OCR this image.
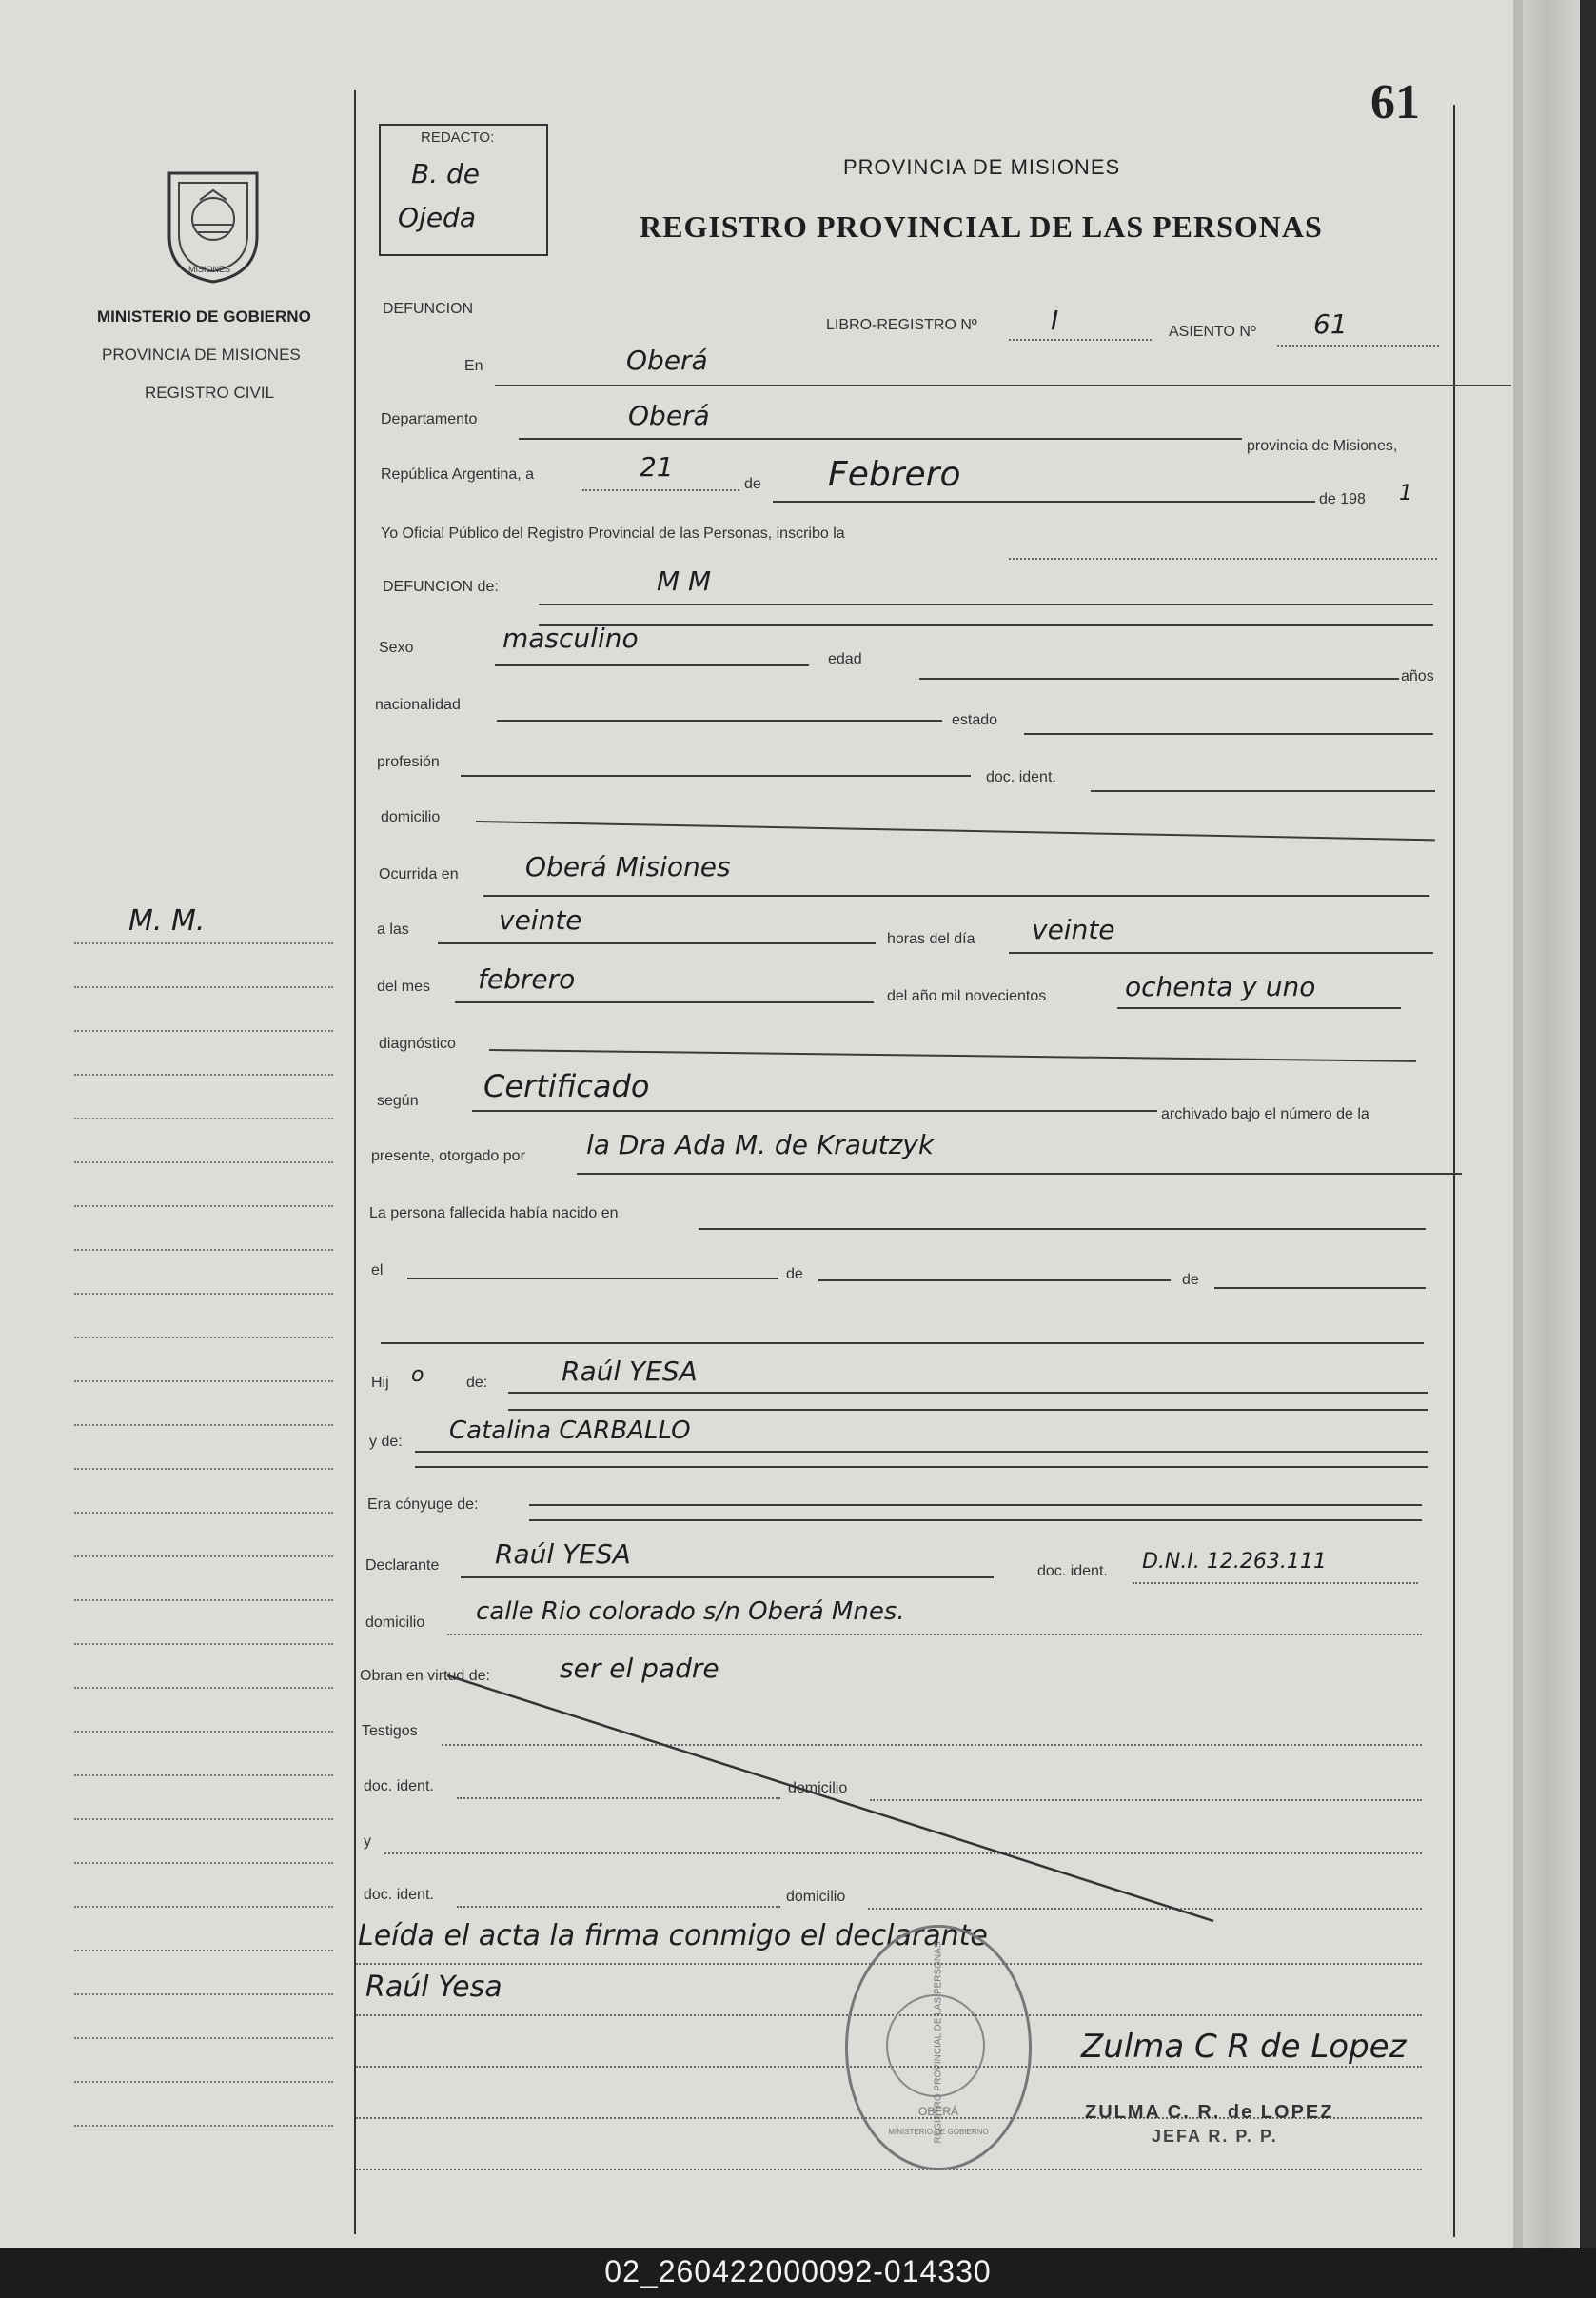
61
MISIONES
MINISTERIO DE GOBIERNO
PROVINCIA DE MISIONES
REGISTRO CIVIL
M. M.
REDACTO:
B. de
Ojeda
PROVINCIA DE MISIONES
REGISTRO PROVINCIAL DE LAS PERSONAS
DEFUNCION
LIBRO-REGISTRO Nº	I	ASIENTO Nº 61
En	Oberá
Departamento	Oberá
provincia de Misiones,
República Argentina, a	21
de Febrero
de 198 1
Yo Oficial Público del Registro Provincial de las Personas, inscribo la
DEFUNCION de:	M M
Sexo	masculino
edad
años
nacionalidad
estado
profesión
doc. ident.
domicilio
Ocurrida en	Oberá Misiones
a las	veinte
horas del día veinte
del mes febrero
del año mil novecientos	ochenta y uno
diagnóstico
según Certificado
archivado bajo el número de la
presente, otorgado por la Dra Ada M. de Krautzyk
La persona fallecida había nacido en
el	de	de
Hij o	de:	Raúl YESA
y de: Catalina CARBALLO
Era cónyuge de:
Declarante Raúl YESA
doc. ident. D.N.I. 12.263.111
domicilio calle Rio colorado s/n Oberá Mnes.
Obran en virtud de:	ser el padre
Testigos
doc. ident.	domicilio
y
doc. ident.	domicilio
Leída el acta la firma conmigo el declarante
Raúl Yesa	REGISTRO PROVINCIAL DE LAS PERSONAS
OBERÁ
MINISTERIO DE GOBIERNO
Zulma C R de Lopez
ZULMA C. R. de LOPEZ
JEFA R. P. P.
02_260422000092-014330
